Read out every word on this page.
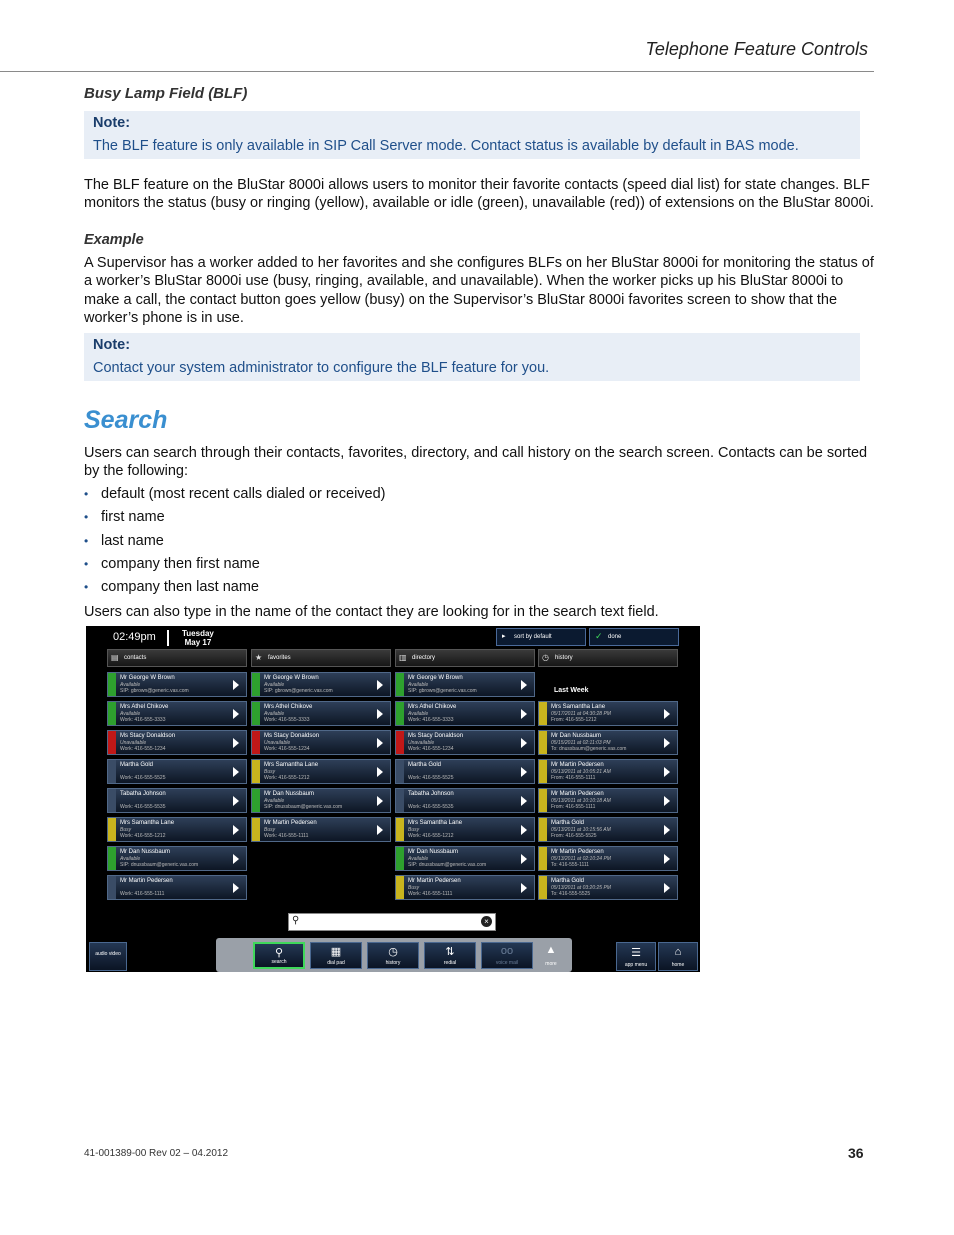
Telephone Feature Controls
Busy Lamp Field (BLF)
Note:
The BLF feature is only available in SIP Call Server mode. Contact status is available by default in BAS mode.
The BLF feature on the BluStar 8000i allows users to monitor their favorite contacts (speed dial list) for state changes. BLF monitors the status (busy or ringing (yellow), available or idle (green), unavailable (red)) of extensions on the BluStar 8000i.
Example
A Supervisor has a worker added to her favorites and she configures BLFs on her BluStar 8000i for monitoring the status of a worker’s BluStar 8000i use (busy, ringing, available, and unavailable). When the worker picks up his BluStar 8000i to make a call, the contact button goes yellow (busy) on the Supervisor’s BluStar 8000i favorites screen to show that the worker’s phone is in use.
Note:
Contact your system administrator to configure the BLF feature for you.
Search
Users can search through their contacts, favorites, directory, and call history on the search screen. Contacts can be sorted by the following:
• default (most recent calls dialed or received)
• first name
• last name
• company then first name
• company then last name
Users can also type in the name of the contact they are looking for in the search text field.
02:49pm	Tuesday
May 17
▸ sort by default	✓ done
▤ contacts	★ favorites	▥ directory	◷ history
Mr George W Brown
Available
SIP: gbrown@generic.vas.com
Mrs Athel Chikove
Available
Work: 416-555-3333
Ms Stacy Donaldson
Unavailable
Work: 416-555-1234
Martha Gold
Work: 416-555-5525
Tabatha Johnson
Work: 416-555-5535
Mrs Samantha Lane
Busy
Work: 416-555-1212
Mr Dan Nussbaum
Available
SIP: dnussbaum@generic.vas.com
Mr Martin Pedersen
Work: 416-555-1111
Mr George W Brown
Available
SIP: gbrown@generic.vas.com
Mrs Athel Chikove
Available
Work: 416-555-3333
Ms Stacy Donaldson
Unavailable
Work: 416-555-1234
Mrs Samantha Lane
Busy
Work: 416-555-1212
Mr Dan Nussbaum
Available
SIP: dnussbaum@generic.vas.com
Mr Martin Pedersen
Busy
Work: 416-555-1111
Mr George W Brown
Available
SIP: gbrown@generic.vas.com
Mrs Athel Chikove
Available
Work: 416-555-3333
Ms Stacy Donaldson
Unavailable
Work: 416-555-1234
Martha Gold
Work: 416-555-5525
Tabatha Johnson
Work: 416-555-5535
Mrs Samantha Lane
Busy
Work: 416-555-1212
Mr Dan Nussbaum
Available
SIP: dnussbaum@generic.vas.com
Mr Martin Pedersen
Busy
Work: 416-555-1111
Mrs Samantha Lane
05/17/2011 at 04:30:28 PM
From: 416-555-1212
Mr Dan Nussbaum
05/15/2011 at 02:11:03 PM
To: dnussbaum@generic.vas.com
Mr Martin Pedersen
05/13/2011 at 10:05:21 AM
From: 416-555-1111
Mr Martin Pedersen
05/13/2011 at 10:10:18 AM
From: 416-555-1111
Martha Gold
05/13/2011 at 10:15:56 AM
From: 416-555-5525
Mr Martin Pedersen
05/13/2011 at 02:10:24 PM
To: 416-555-1111
Martha Gold
05/13/2011 at 03:20:25 PM
To: 416-555-5525
Last Week
⚲	×
audio video	⚲
search
▦
dial pad
◷
history
⇅
redial
oo
voice mail
▲
more
☰
app menu
⌂
home
41-001389-00 Rev 02 – 04.2012	36
